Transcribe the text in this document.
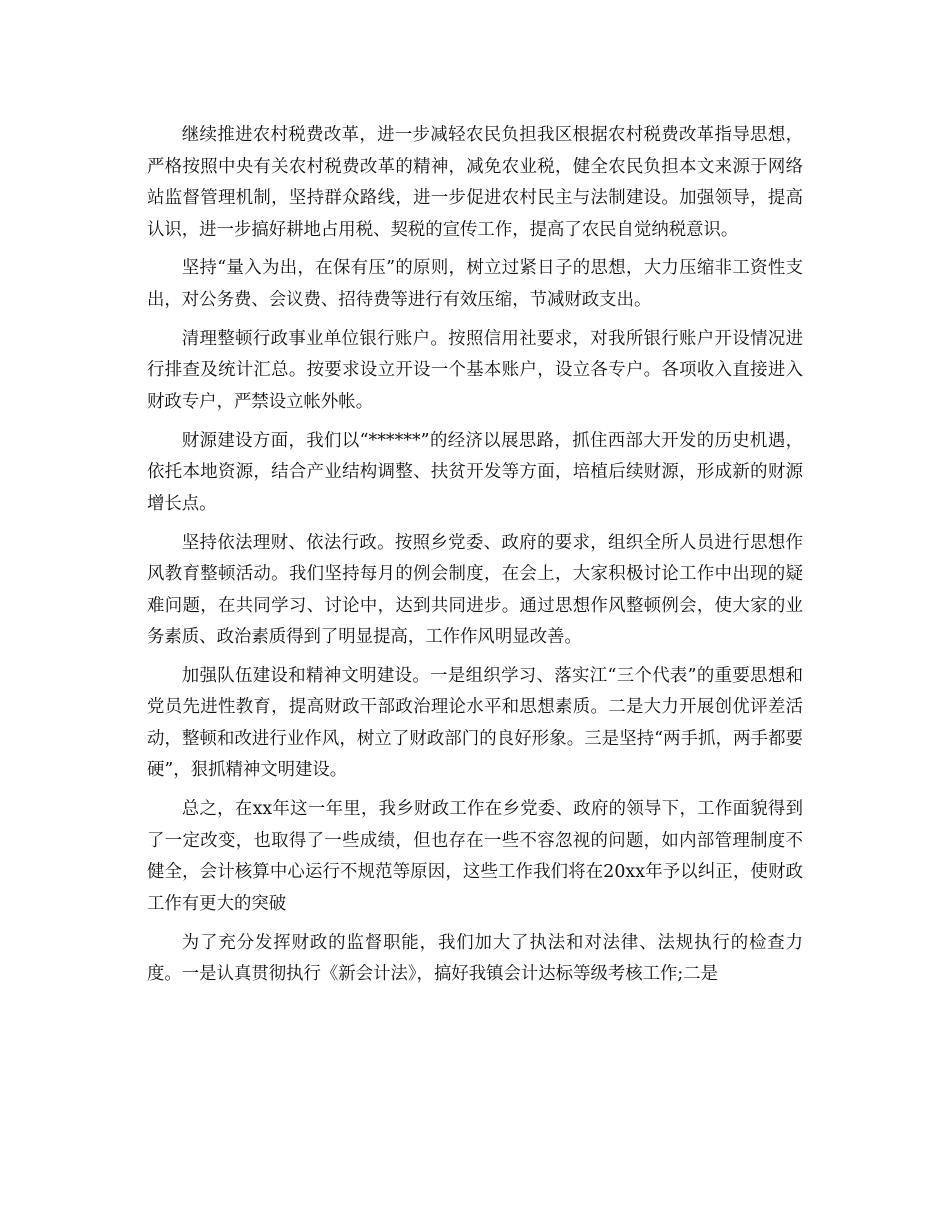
继续推进农村税费改革，进一步减轻农民负担我区根据农村税费改革指导思想，严格按照中央有关农村税费改革的精神，减免农业税，健全农民负担本文来源于网络站监督管理机制，坚持群众路线，进一步促进农村民主与法制建设。加强领导，提高认识，进一步搞好耕地占用税、契税的宣传工作，提高了农民自觉纳税意识。

坚持“量入为出，在保有压”的原则，树立过紧日子的思想，大力压缩非工资性支出，对公务费、会议费、招待费等进行有效压缩，节减财政支出。

清理整顿行政事业单位银行账户。按照信用社要求，对我所银行账户开设情况进行排查及统计汇总。按要求设立开设一个基本账户，设立各专户。各项收入直接进入财政专户，严禁设立帐外帐。

财源建设方面，我们以“******”的经济以展思路，抓住西部大开发的历史机遇，依托本地资源，结合产业结构调整、扶贫开发等方面，培植后续财源，形成新的财源增长点。

坚持依法理财、依法行政。按照乡党委、政府的要求，组织全所人员进行思想作风教育整顿活动。我们坚持每月的例会制度，在会上，大家积极讨论工作中出现的疑难问题，在共同学习、讨论中，达到共同进步。通过思想作风整顿例会，使大家的业务素质、政治素质得到了明显提高，工作作风明显改善。

加强队伍建设和精神文明建设。一是组织学习、落实江“三个代表”的重要思想和党员先进性教育，提高财政干部政治理论水平和思想素质。二是大力开展创优评差活动，整顿和改进行业作风，树立了财政部门的良好形象。三是坚持“两手抓，两手都要硬”，狠抓精神文明建设。

总之，在xx年这一年里，我乡财政工作在乡党委、政府的领导下，工作面貌得到了一定改变，也取得了一些成绩，但也存在一些不容忽视的问题，如内部管理制度不健全，会计核算中心运行不规范等原因，这些工作我们将在20xx年予以纠正，使财政工作有更大的突破

为了充分发挥财政的监督职能，我们加大了执法和对法律、法规执行的检查力度。一是认真贯彻执行《新会计法》，搞好我镇会计达标等级考核工作;二是
